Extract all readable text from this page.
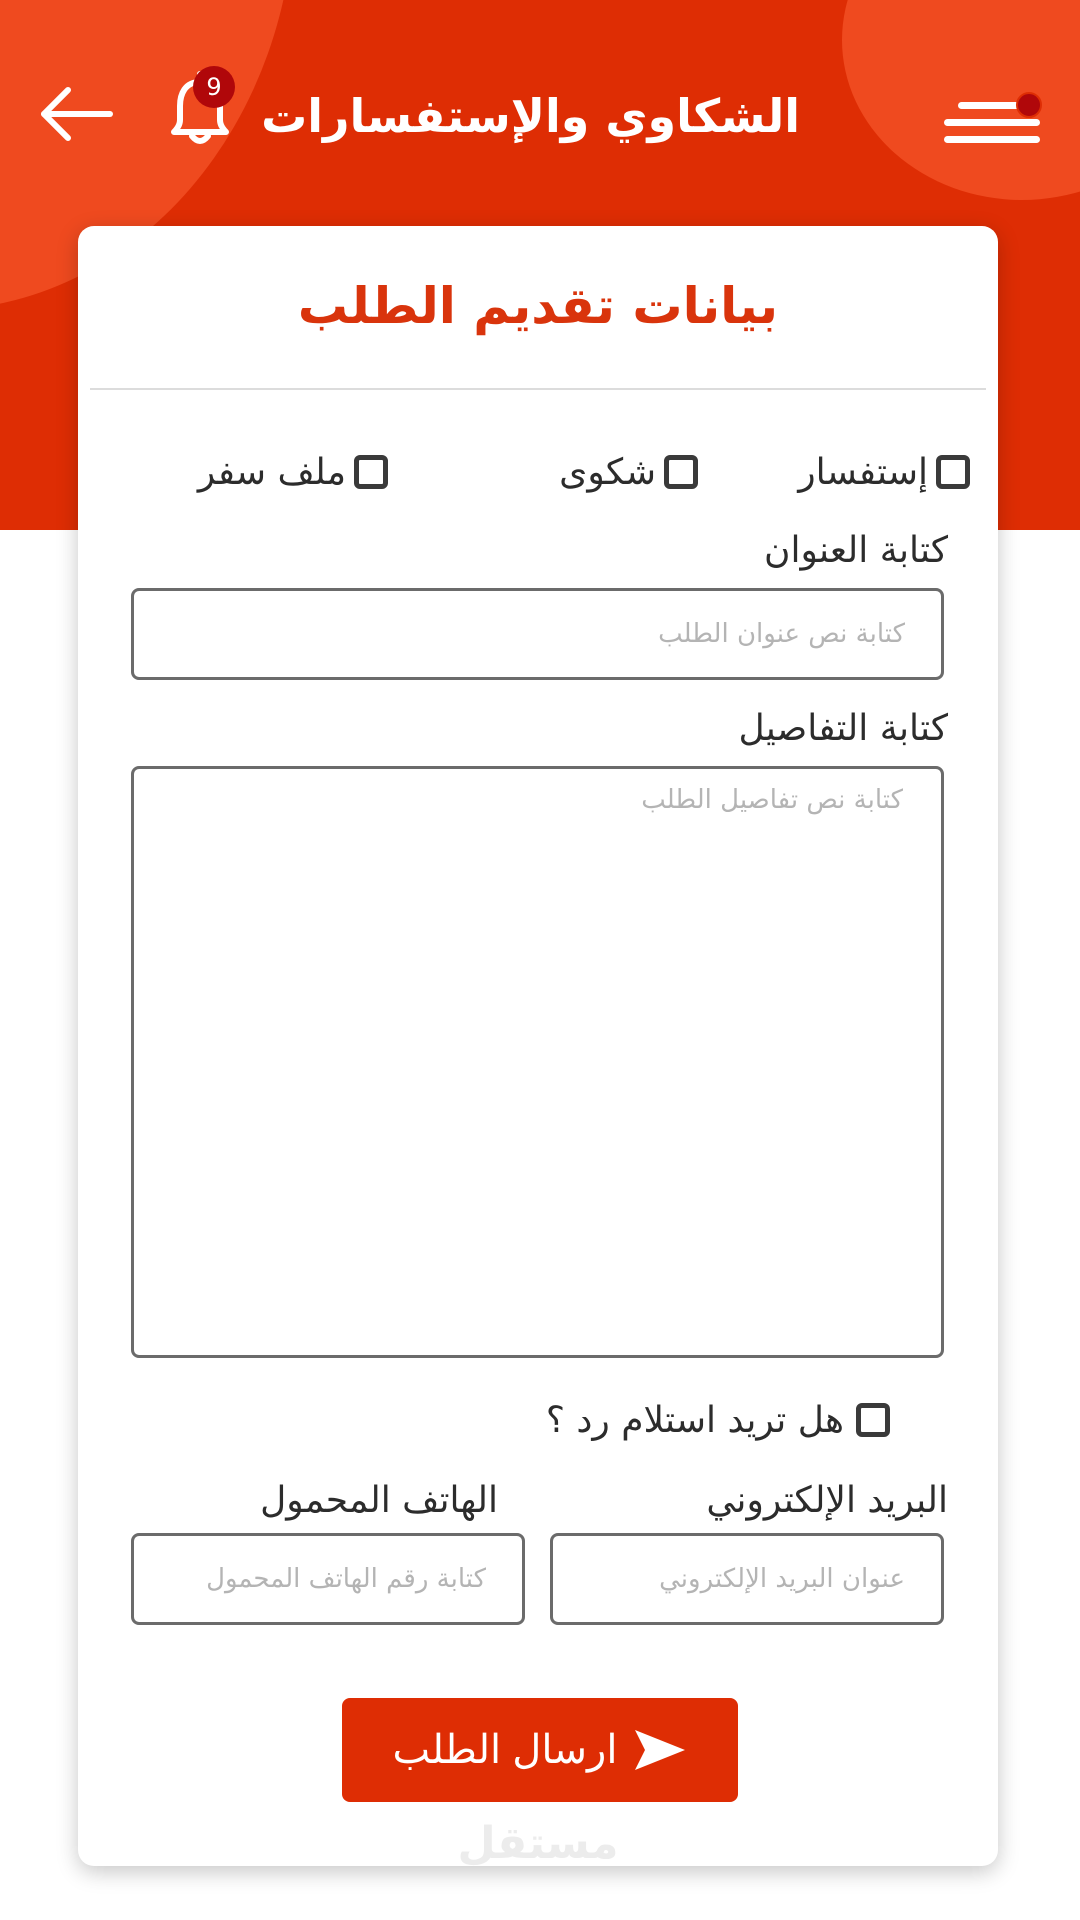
الشكاوي والإستفسارات
9
بيانات تقديم الطلب
إستفسار
شكوى
ملف سفر
كتابة العنوان
كتابة نص عنوان الطلب
كتابة التفاصيل
كتابة نص تفاصيل الطلب
هل تريد استلام رد ؟
البريد الإلكتروني
الهاتف المحمول
عنوان البريد الإلكتروني
كتابة رقم الهاتف المحمول
ارسال الطلب
مستقل
